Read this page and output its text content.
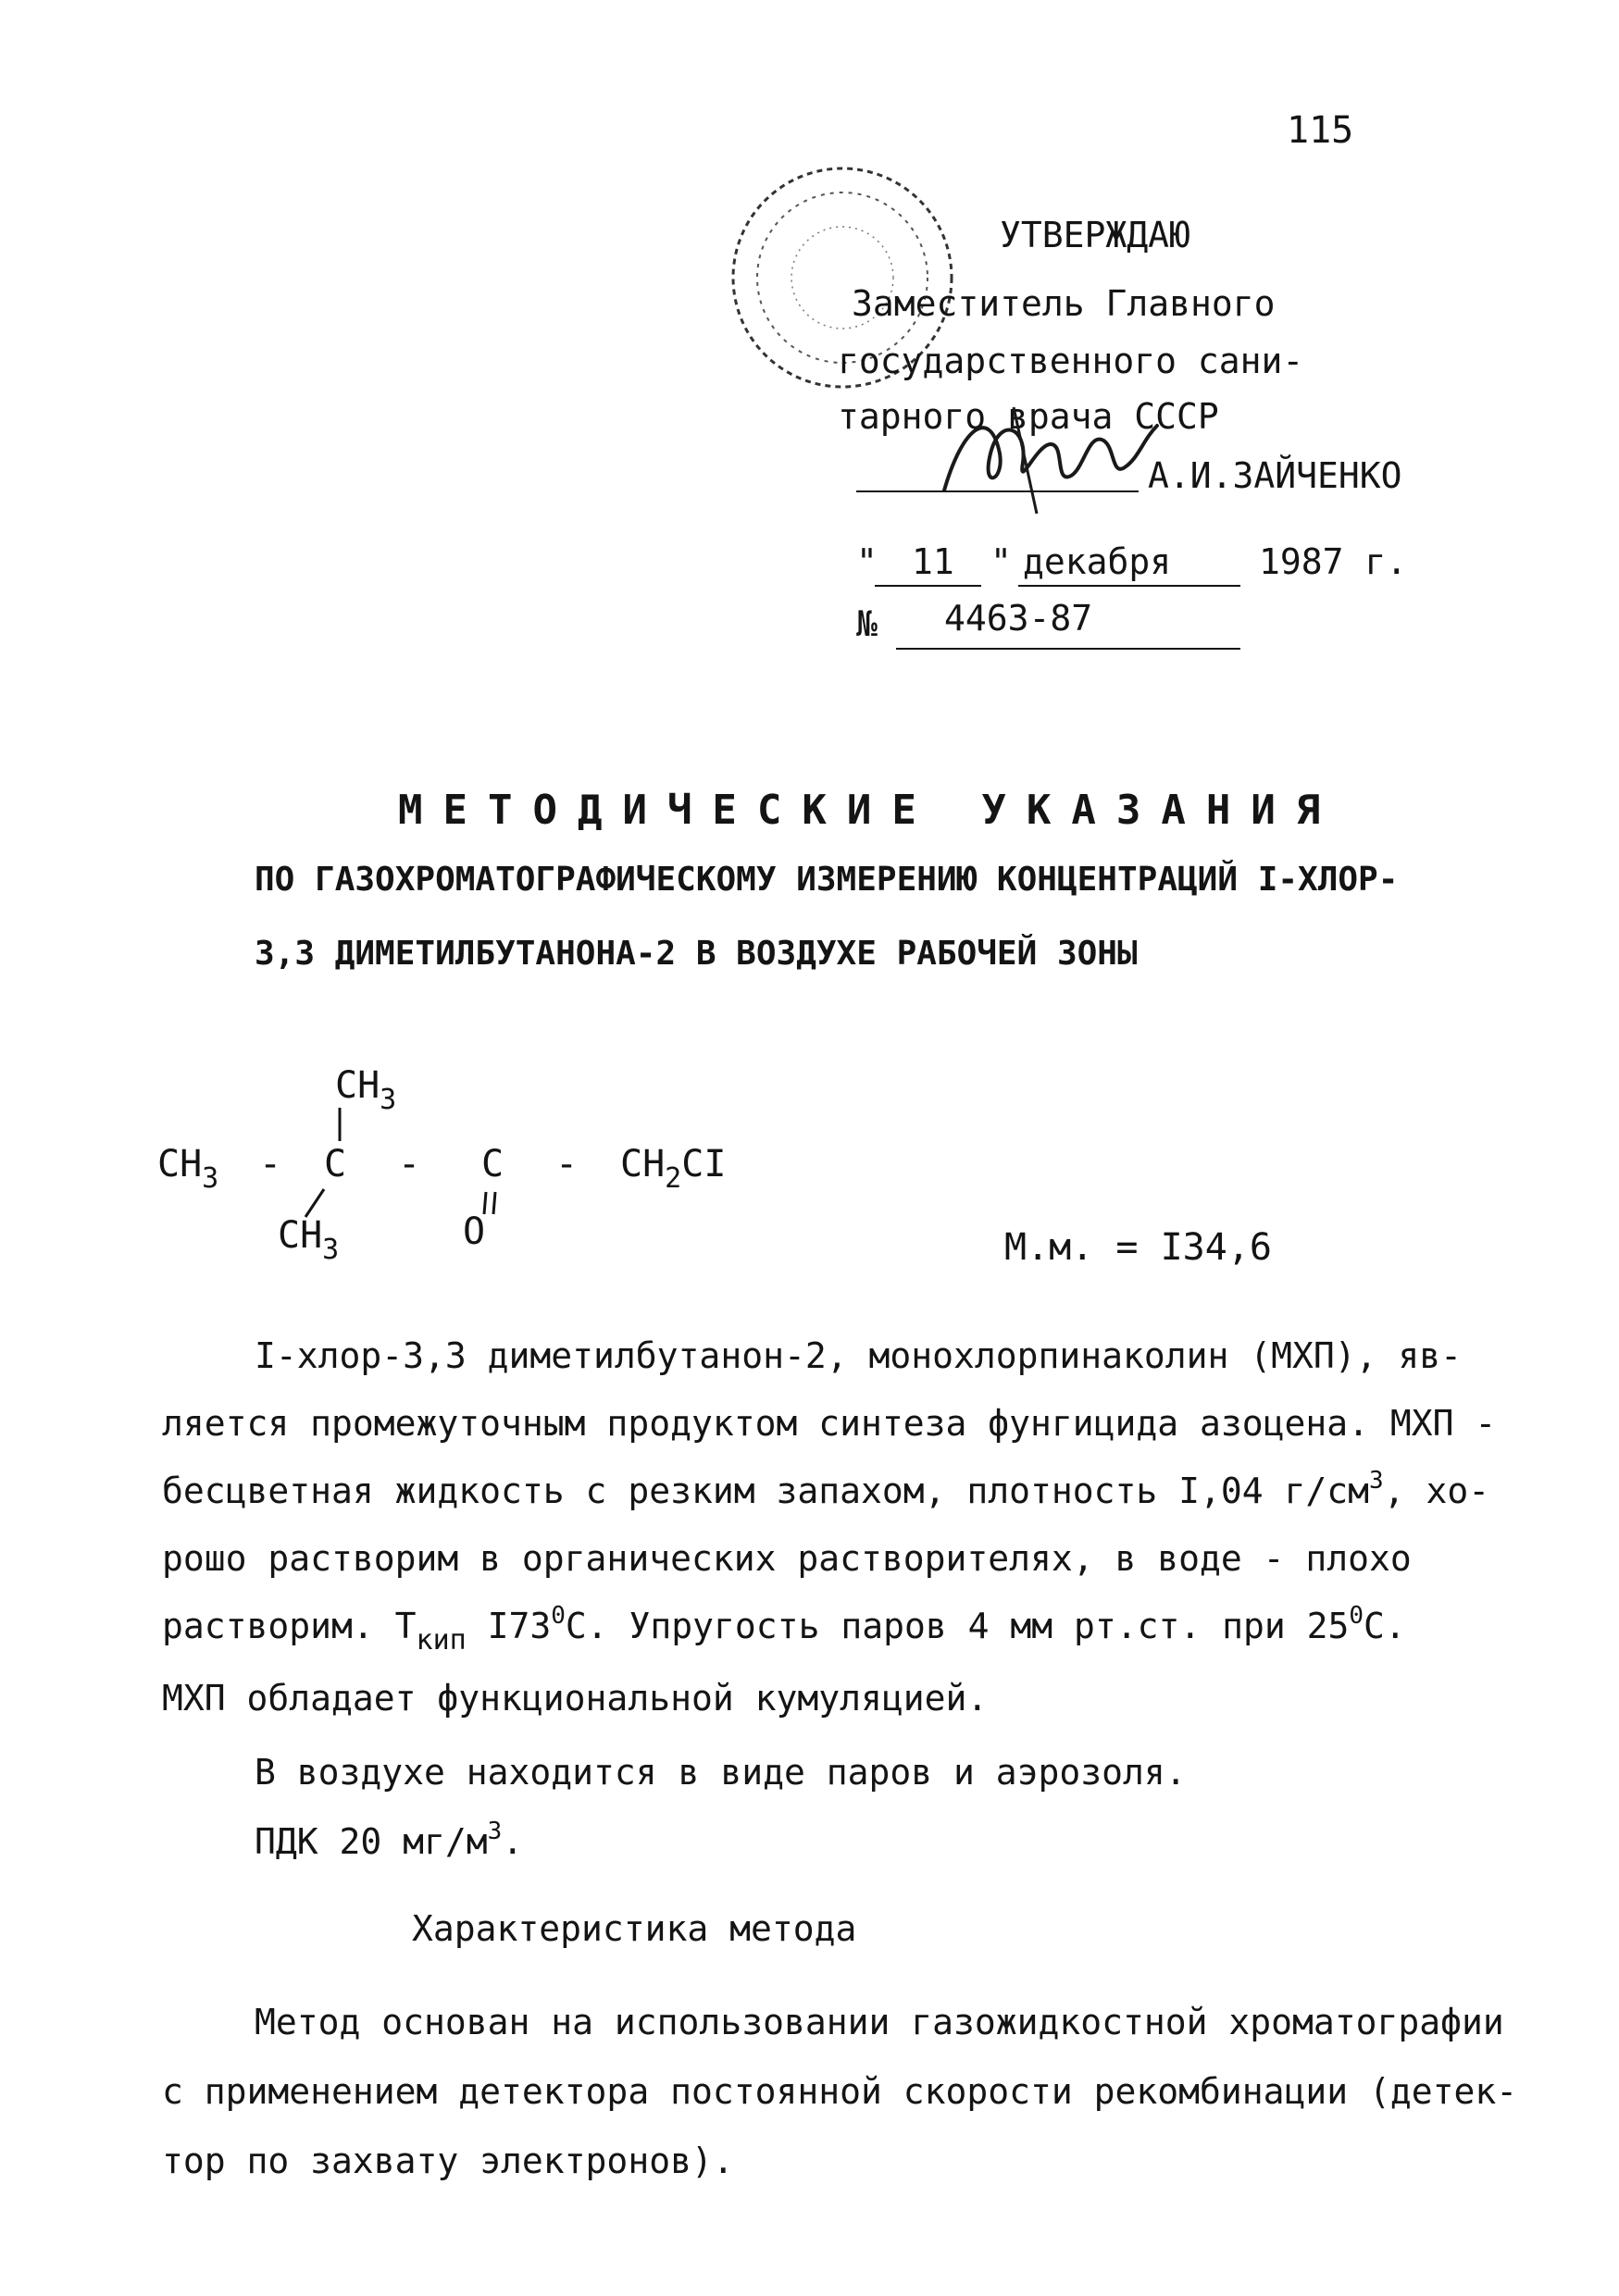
115
УТВЕРЖДАЮ
Заместитель Главного
государственного сани-
тарного врача СССР
А.И.ЗАЙЧЕНКО
" 11 " декабря 1987 г.
№ 4463-87
МЕТОДИЧЕСКИЕ УКАЗАНИЯ
ПО ГАЗОХРОМАТОГРАФИЧЕСКОМУ ИЗМЕРЕНИЮ КОНЦЕНТРАЦИЙ I-ХЛОР-
3,3 ДИМЕТИЛБУТАНОНА-2 В ВОЗДУХЕ РАБОЧЕЙ ЗОНЫ
$CH_3$
$CH_3$ - C - C - $CH_2CI$
$CH_3$	O	М.м. = I34,6
I-хлор-3,3 диметилбутанон-2, монохлорпинаколин (МХП), яв-
ляется промежуточным продуктом синтеза фунгицида азоцена. МХП -
бесцветная жидкость с резким запахом, плотность I,04 $г/см^3$, хо-
рошо растворим в органических растворителях, в воде - плохо
растворим. $Т_{кип}$ $I73^0С$. Упругость паров 4 мм рт.ст. при $25^0С$.
МХП обладает функциональной кумуляцией.
В воздухе находится в виде паров и аэрозоля.
ПДК 20 $мг/м^3$.
Характеристика метода
Метод основан на использовании газожидкостной хроматографии
с применением детектора постоянной скорости рекомбинации (детек-
тор по захвату электронов).
